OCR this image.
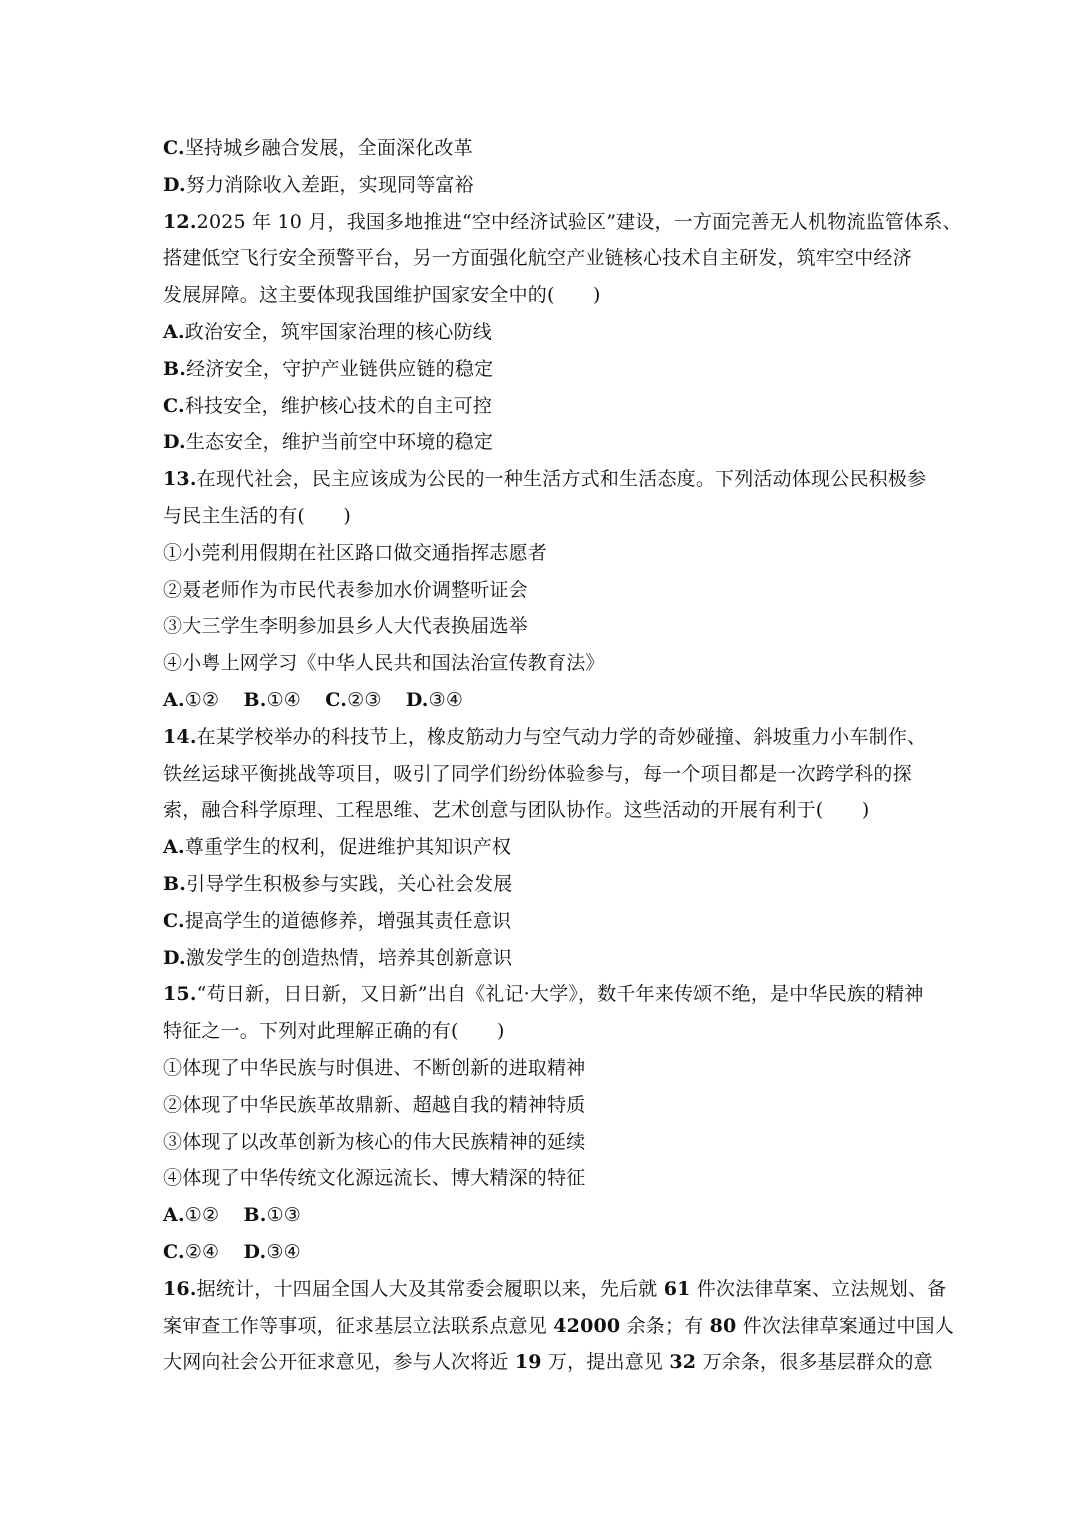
C.坚持城乡融合发展，全面深化改革
D.努力消除收入差距，实现同等富裕
12.2025 年 10 月，我国多地推进“空中经济试验区”建设，一方面完善无人机物流监管体系、
搭建低空飞行安全预警平台，另一方面强化航空产业链核心技术自主研发，筑牢空中经济
发展屏障。这主要体现我国维护国家安全中的(　　)
A.政治安全，筑牢国家治理的核心防线
B.经济安全，守护产业链供应链的稳定
C.科技安全，维护核心技术的自主可控
D.生态安全，维护当前空中环境的稳定
13.在现代社会，民主应该成为公民的一种生活方式和生活态度。下列活动体现公民积极参
与民主生活的有(　　)
①小莞利用假期在社区路口做交通指挥志愿者
②聂老师作为市民代表参加水价调整听证会
③大三学生李明参加县乡人大代表换届选举
④小粤上网学习《中华人民共和国法治宣传教育法》
A.①② B.①④ C.②③ D.③④
14.在某学校举办的科技节上，橡皮筋动力与空气动力学的奇妙碰撞、斜坡重力小车制作、
铁丝运球平衡挑战等项目，吸引了同学们纷纷体验参与，每一个项目都是一次跨学科的探
索，融合科学原理、工程思维、艺术创意与团队协作。这些活动的开展有利于(　　)
A.尊重学生的权利，促进维护其知识产权
B.引导学生积极参与实践，关心社会发展
C.提高学生的道德修养，增强其责任意识
D.激发学生的创造热情，培养其创新意识
15.“苟日新，日日新，又日新”出自《礼记·大学》，数千年来传颂不绝，是中华民族的精神
特征之一。下列对此理解正确的有(　　)
①体现了中华民族与时俱进、不断创新的进取精神
②体现了中华民族革故鼎新、超越自我的精神特质
③体现了以改革创新为核心的伟大民族精神的延续
④体现了中华传统文化源远流长、博大精深的特征
A.①② B.①③
C.②④ D.③④
16.据统计，十四届全国人大及其常委会履职以来，先后就 61 件次法律草案、立法规划、备
案审查工作等事项，征求基层立法联系点意见 42000 余条；有 80 件次法律草案通过中国人
大网向社会公开征求意见，参与人次将近 19 万，提出意见 32 万余条，很多基层群众的意
